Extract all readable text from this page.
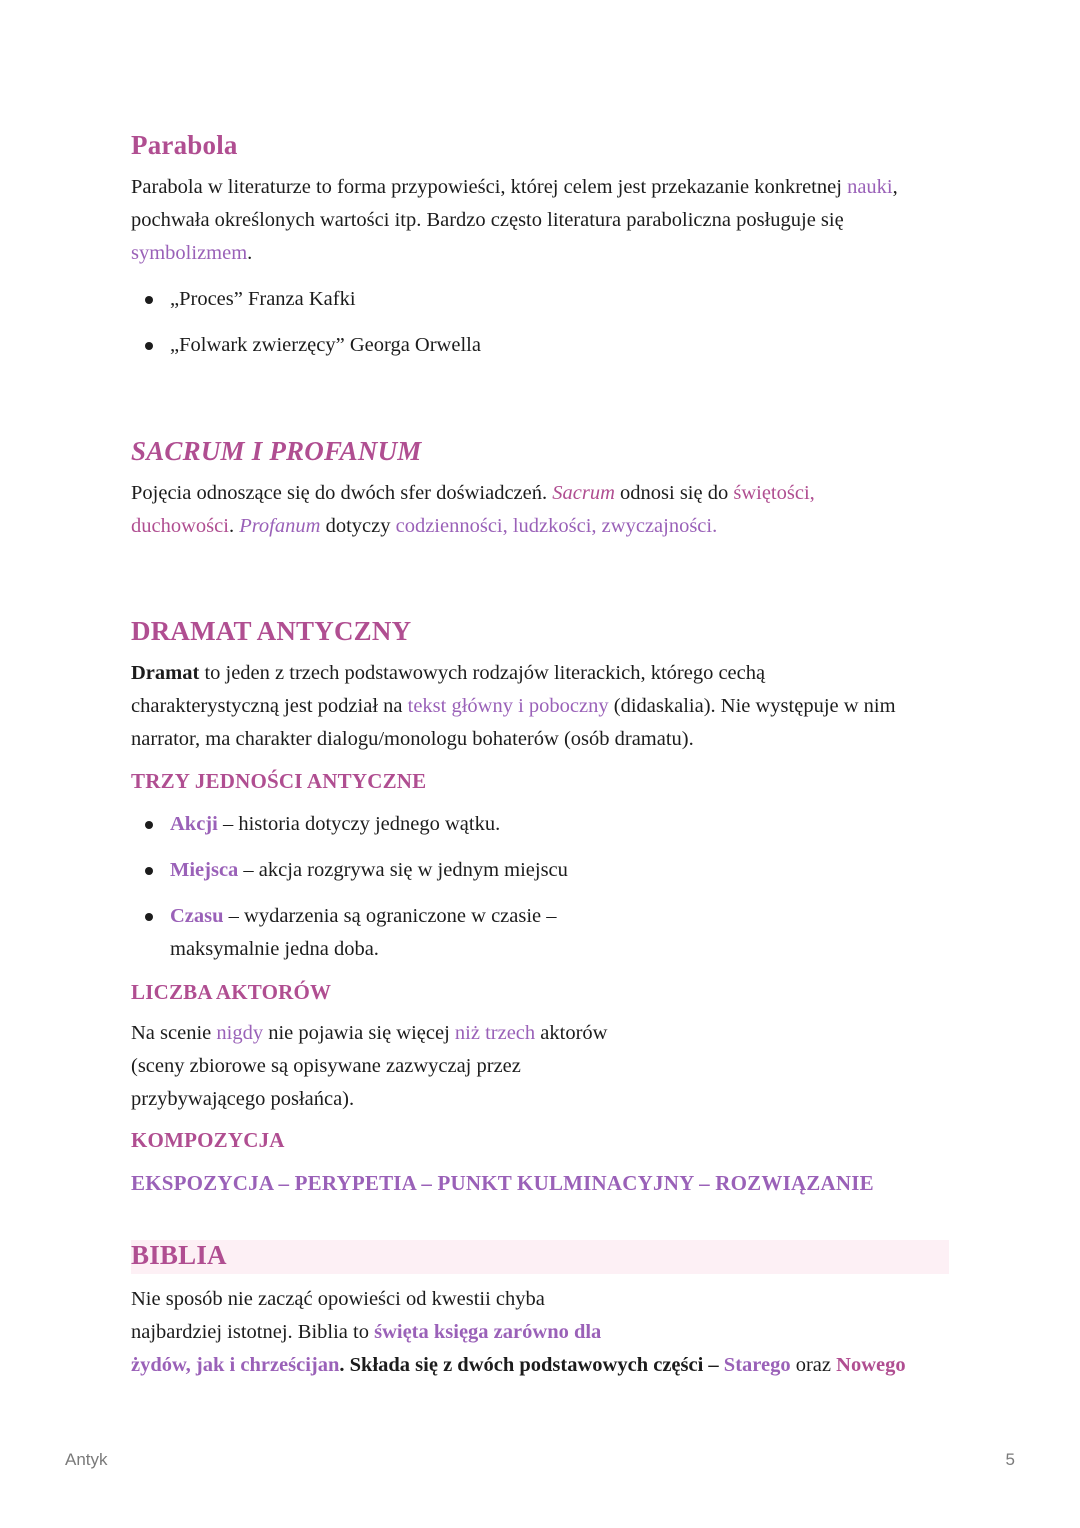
Parabola

Parabola w literaturze to forma przypowieści, której celem jest przekazanie konkretnej nauki,
pochwała określonych wartości itp. Bardzo często literatura paraboliczna posługuje się
symbolizmem.

„Proces” Franza Kafki
„Folwark zwierzęcy” Georga Orwella
SACRUM I PROFANUM

Pojęcia odnoszące się do dwóch sfer doświadczeń. Sacrum odnosi się do świętości,
duchowości. Profanum dotyczy codzienności, ludzkości, zwyczajności.

DRAMAT ANTYCZNY

Dramat to jeden z trzech podstawowych rodzajów literackich, którego cechą
charakterystyczną jest podział na tekst główny i poboczny (didaskalia). Nie występuje w nim
narrator, ma charakter dialogu/monologu bohaterów (osób dramatu).

TRZY JEDNOŚCI ANTYCZNE
Akcji – historia dotyczy jednego wątku.
Miejsca – akcja rozgrywa się w jednym miejscu
Czasu – wydarzenia są ograniczone w czasie –
maksymalnie jedna doba.
LICZBA AKTORÓW

Na scenie nigdy nie pojawia się więcej niż trzech aktorów
(sceny zbiorowe są opisywane zazwyczaj przez
przybywającego posłańca).

KOMPOZYCJA
EKSPOZYCJA – PERYPETIA – PUNKT KULMINACYJNY – ROZWIĄZANIE
BIBLIA

Nie sposób nie zacząć opowieści od kwestii chyba
najbardziej istotnej. Biblia to święta księga zarówno dla
żydów, jak i chrześcijan. Składa się z dwóch podstawowych części – Starego oraz Nowego

Antyk	5
